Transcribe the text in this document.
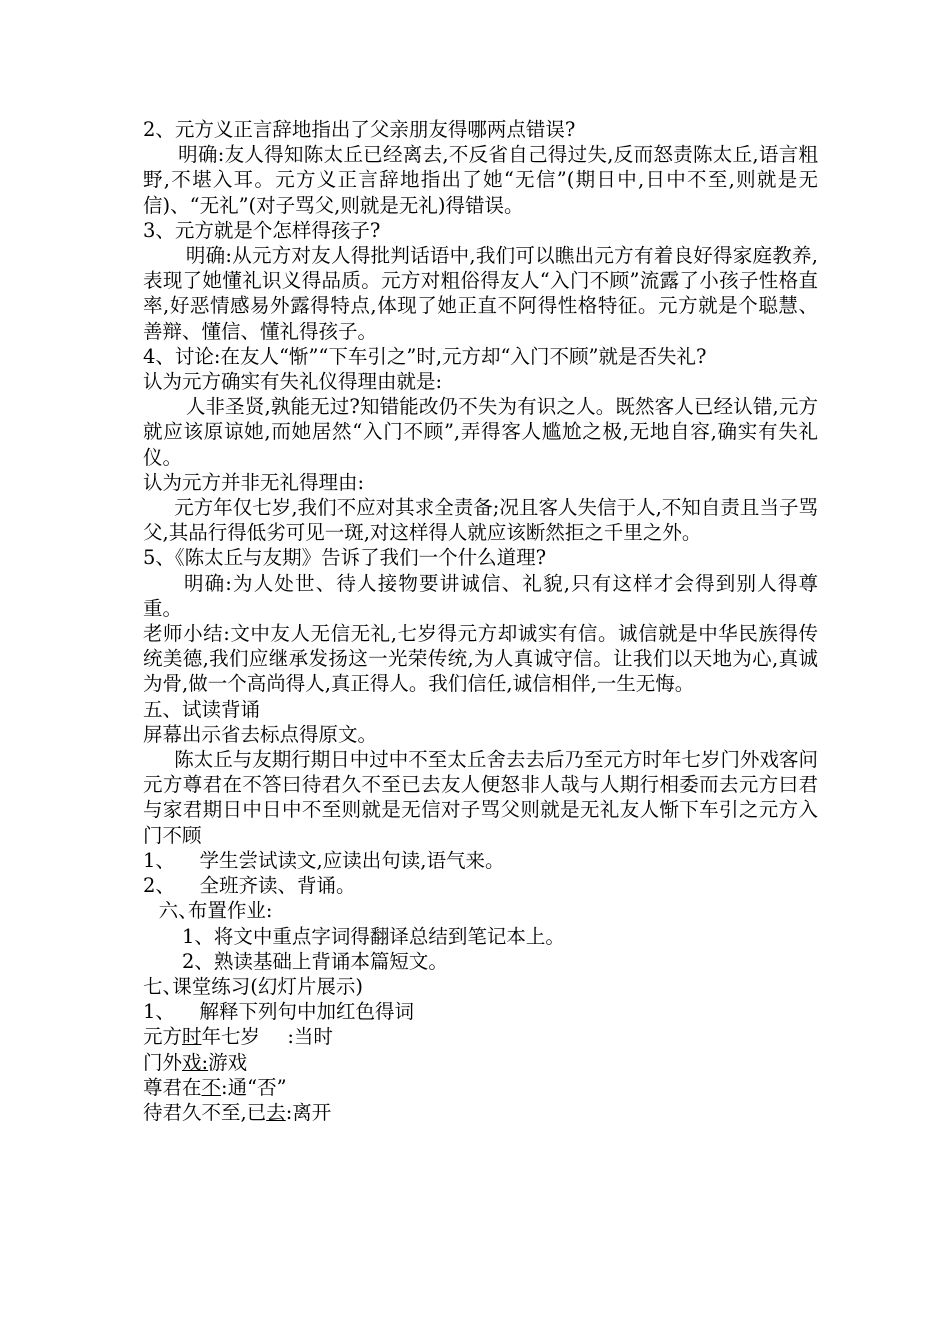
2、元方义正言辞地指出了父亲朋友得哪两点错误?

明确:友人得知陈太丘已经离去,不反省自己得过失,反而怒责陈太丘,语言粗野,不堪入耳。元方义正言辞地指出了她“无信”(期日中,日中不至,则就是无信)、“无礼”(对子骂父,则就是无礼)得错误。

3、元方就是个怎样得孩子?

明确:从元方对友人得批判话语中,我们可以瞧出元方有着良好得家庭教养,表现了她懂礼识义得品质。元方对粗俗得友人“入门不顾”流露了小孩子性格直率,好恶情感易外露得特点,体现了她正直不阿得性格特征。元方就是个聪慧、善辩、懂信、懂礼得孩子。

4、讨论:在友人“惭”“下车引之”时,元方却“入门不顾”就是否失礼?

认为元方确实有失礼仪得理由就是:

人非圣贤,孰能无过?知错能改仍不失为有识之人。既然客人已经认错,元方就应该原谅她,而她居然“入门不顾”,弄得客人尴尬之极,无地自容,确实有失礼仪。

认为元方并非无礼得理由:

元方年仅七岁,我们不应对其求全责备;况且客人失信于人,不知自责且当子骂父,其品行得低劣可见一斑,对这样得人就应该断然拒之千里之外。

5、《陈太丘与友期》告诉了我们一个什么道理?

明确:为人处世、待人接物要讲诚信、礼貌,只有这样才会得到别人得尊重。

老师小结:文中友人无信无礼,七岁得元方却诚实有信。诚信就是中华民族得传统美德,我们应继承发扬这一光荣传统,为人真诚守信。让我们以天地为心,真诚为骨,做一个高尚得人,真正得人。我们信任,诚信相伴,一生无悔。

五、试读背诵

屏幕出示省去标点得原文。

陈太丘与友期行期日中过中不至太丘舍去去后乃至元方时年七岁门外戏客问元方尊君在不答曰待君久不至已去友人便怒非人哉与人期行相委而去元方曰君与家君期日中日中不至则就是无信对子骂父则就是无礼友人惭下车引之元方入门不顾

1、 学生尝试读文,应读出句读,语气来。

2、 全班齐读、背诵。

六、布置作业:

1、将文中重点字词得翻译总结到笔记本上。

2、熟读基础上背诵本篇短文。

七、课堂练习(幻灯片展示)

1、 解释下列句中加红色得词

元方时年七岁 :当时

门外戏:游戏

尊君在不:通“否”

待君久不至,已去:离开
